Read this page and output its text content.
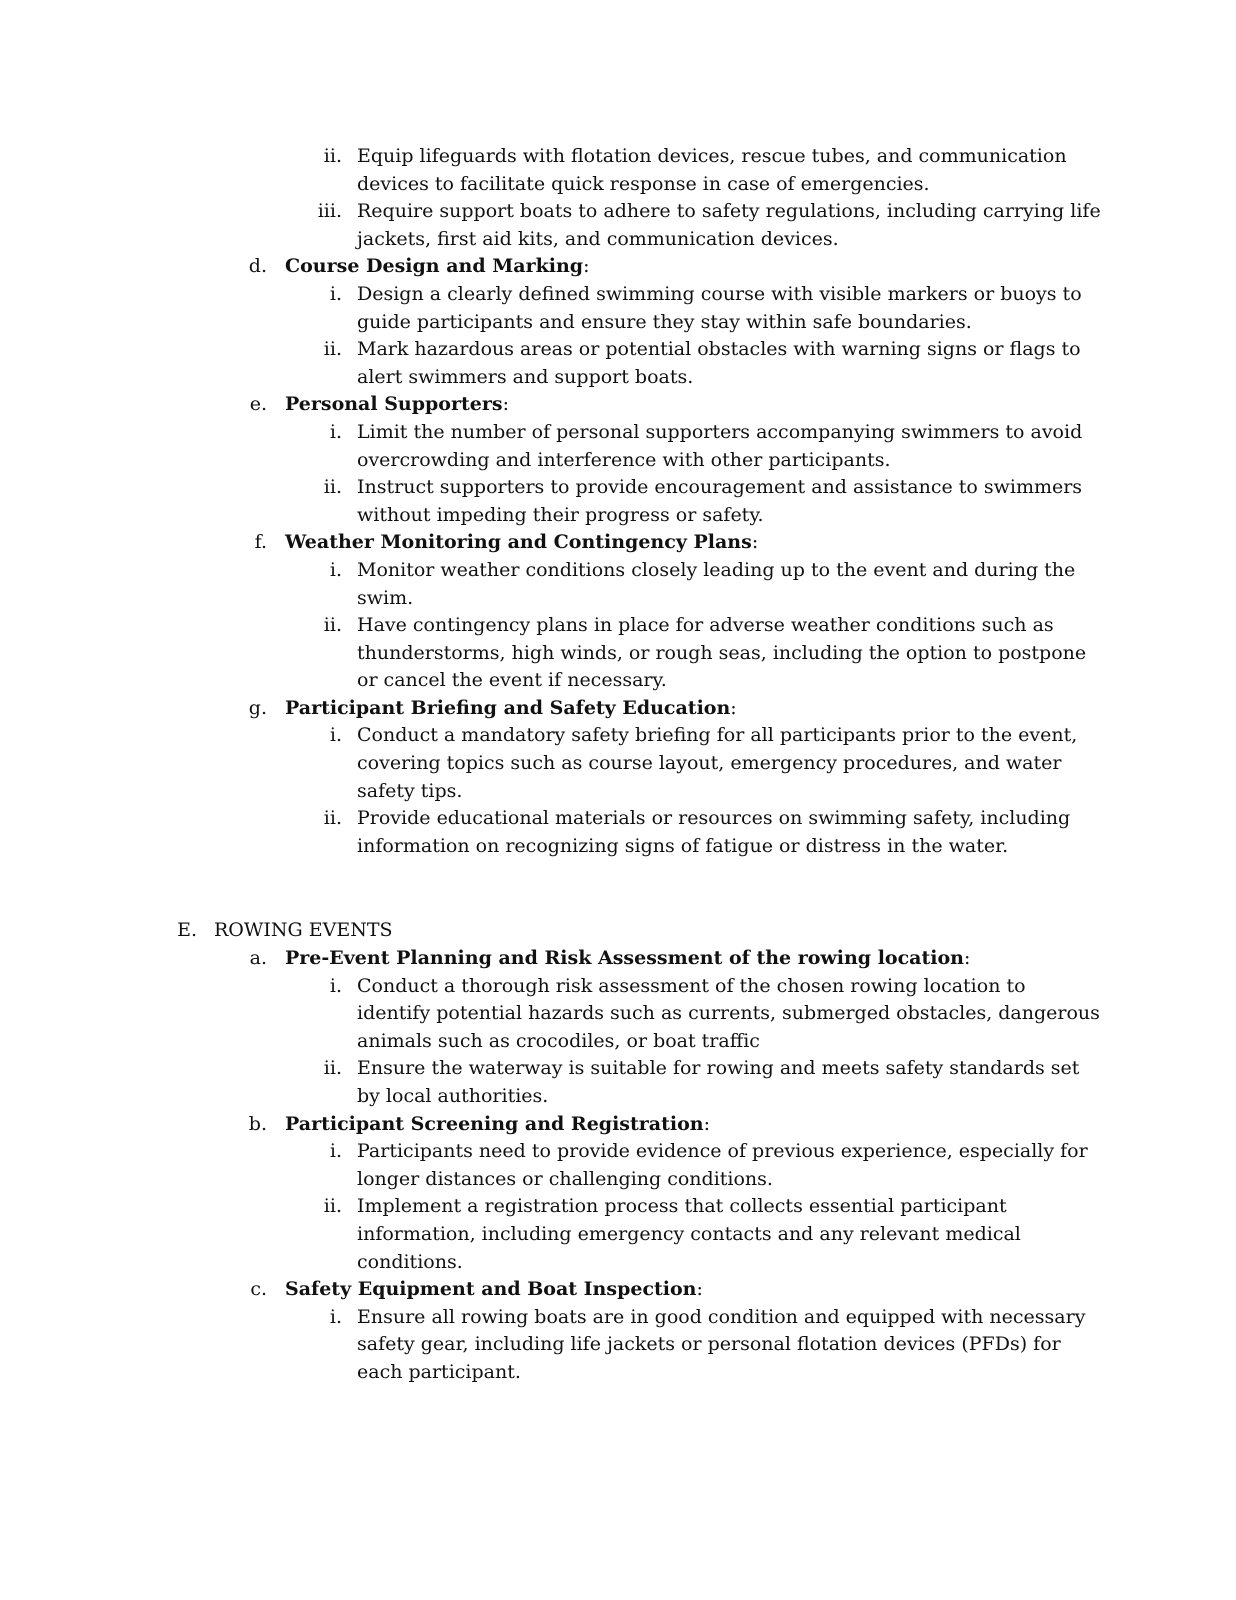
ii. Equip lifeguards with flotation devices, rescue tubes, and communication
devices to facilitate quick response in case of emergencies.
iii. Require support boats to adhere to safety regulations, including carrying life
jackets, first aid kits, and communication devices.
d. Course Design and Marking:
i. Design a clearly defined swimming course with visible markers or buoys to
guide participants and ensure they stay within safe boundaries.
ii. Mark hazardous areas or potential obstacles with warning signs or flags to
alert swimmers and support boats.
e. Personal Supporters:
i. Limit the number of personal supporters accompanying swimmers to avoid
overcrowding and interference with other participants.
ii. Instruct supporters to provide encouragement and assistance to swimmers
without impeding their progress or safety.
f. Weather Monitoring and Contingency Plans:
i. Monitor weather conditions closely leading up to the event and during the
swim.
ii. Have contingency plans in place for adverse weather conditions such as
thunderstorms, high winds, or rough seas, including the option to postpone
or cancel the event if necessary.
g. Participant Briefing and Safety Education:
i. Conduct a mandatory safety briefing for all participants prior to the event,
covering topics such as course layout, emergency procedures, and water
safety tips.
ii. Provide educational materials or resources on swimming safety, including
information on recognizing signs of fatigue or distress in the water.
E. ROWING EVENTS
a. Pre-Event Planning and Risk Assessment of the rowing location:
i. Conduct a thorough risk assessment of the chosen rowing location to
identify potential hazards such as currents, submerged obstacles, dangerous
animals such as crocodiles, or boat traffic
ii. Ensure the waterway is suitable for rowing and meets safety standards set
by local authorities.
b. Participant Screening and Registration:
i. Participants need to provide evidence of previous experience, especially for
longer distances or challenging conditions.
ii. Implement a registration process that collects essential participant
information, including emergency contacts and any relevant medical
conditions.
c. Safety Equipment and Boat Inspection:
i. Ensure all rowing boats are in good condition and equipped with necessary
safety gear, including life jackets or personal flotation devices (PFDs) for
each participant.
